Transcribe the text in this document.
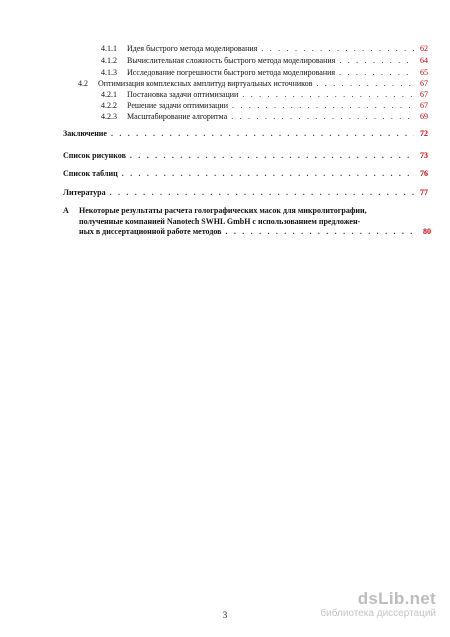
4.1.1	Идея быстрого метода моделирования . . .	62
4.1.2	Вычислительная сложность быстрого метода моделирования . . .	64
4.1.3	Исследование погрешности быстрого метода моделирования . . .	65
4.2	Оптимизация комплексных амплитуд виртуальных источников . . .	67
4.2.1	Постановка задачи оптимизации . . .	67
4.2.2	Решение задачи оптимизации . . .	67
4.2.3	Масштабирование алгоритма . . .	69
Заключение . . .	72
Список рисунков . . .	73
Список таблиц . . .	76
Литература . . .	77
А Некоторые результаты расчета голографических масок для микролитографии,
полученные компанией Nanotech SWHL GmbH с использованием предложен-
ных в диссертационной работе методов . . .	80
3
dsLib.net
библиотека диссертаций
